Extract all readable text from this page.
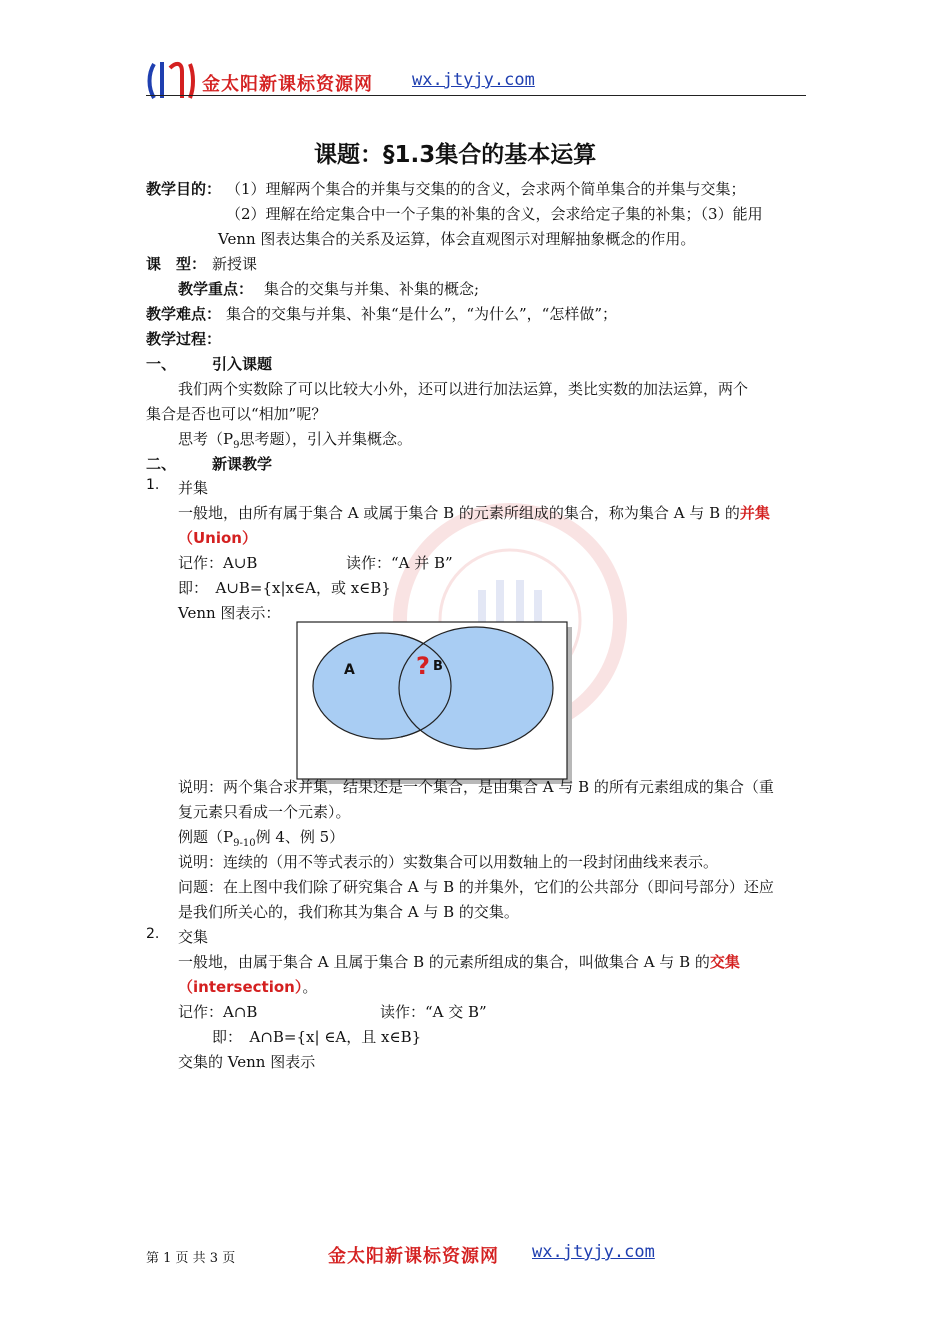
金太阳新课标资源网 wx.jtyjy.com
课题：§1.3集合的基本运算
教学目的： （1）理解两个集合的并集与交集的的含义，会求两个简单集合的并集与交集；
（2）理解在给定集合中一个子集的补集的含义，会求给定子集的补集；（3）能用
Venn 图表达集合的关系及运算，体会直观图示对理解抽象概念的作用。
课　型： 新授课
教学重点： 集合的交集与并集、补集的概念;
教学难点： 集合的交集与并集、补集“是什么”，“为什么”，“怎样做”；
教学过程：
一、 引入课题
我们两个实数除了可以比较大小外，还可以进行加法运算，类比实数的加法运算，两个
集合是否也可以“相加”呢？
思考（$P_9$思考题），引入并集概念。
二、 新课教学
1. 并集
一般地，由所有属于集合 A 或属于集合 B 的元素所组成的集合，称为集合 A 与 B 的并集
（Union）
记作：A∪B	读作：“A 并 B”
即：　A∪B={x|x∈A，或 x∈B}
Venn 图表示：
A	B
?
说明：两个集合求并集，结果还是一个集合，是由集合 A 与 B 的所有元素组成的集合（重
复元素只看成一个元素）。
例题（$P_{9-10}$例 4、例 5）
说明：连续的（用不等式表示的）实数集合可以用数轴上的一段封闭曲线来表示。
问题：在上图中我们除了研究集合 A 与 B 的并集外，它们的公共部分（即问号部分）还应
是我们所关心的，我们称其为集合 A 与 B 的交集。
2. 交集
一般地，由属于集合 A 且属于集合 B 的元素所组成的集合，叫做集合 A 与 B 的交集
（intersection）。
记作：A∩B	读作：“A 交 B”
即：　A∩B={x| ∈A，且 x∈B}
交集的 Venn 图表示
第 1 页 共 3 页	金太阳新课标资源网 wx.jtyjy.com
